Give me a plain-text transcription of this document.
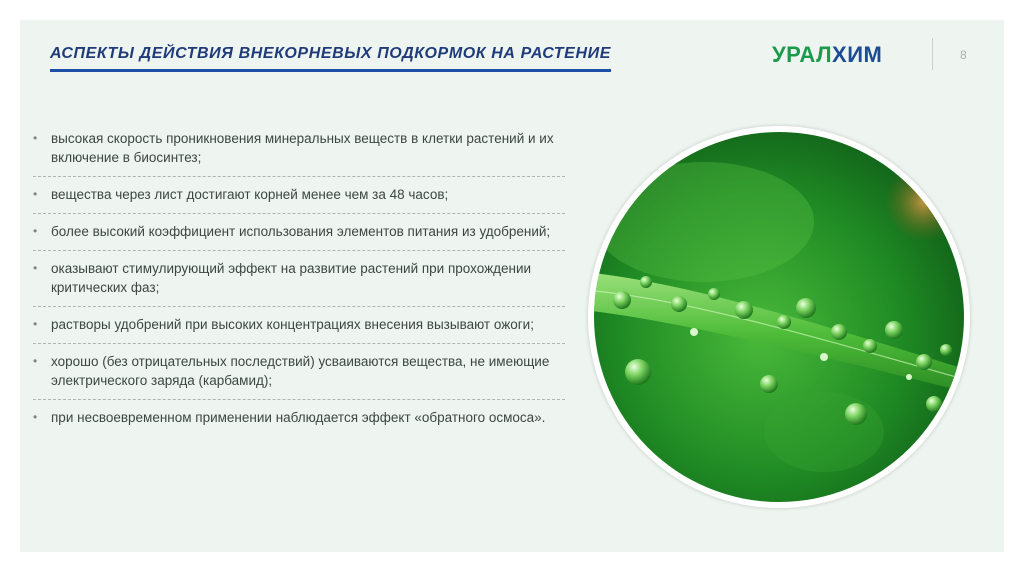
АСПЕКТЫ ДЕЙСТВИЯ ВНЕКОРНЕВЫХ ПОДКОРМОК НА РАСТЕНИЕ	УРАЛХИМ	8
• высокая скорость проникновения минеральных веществ в клетки растений и их включение в биосинтез;
• вещества через лист достигают корней менее чем за 48 часов;
• более высокий коэффициент использования элементов питания из удобрений;
• оказывают стимулирующий эффект на развитие растений при прохождении критических фаз;
• растворы удобрений при высоких концентрациях внесения вызывают ожоги;
• хорошо (без отрицательных последствий) усваиваются вещества, не имеющие электрического заряда (карбамид);
• при несвоевременном применении наблюдается эффект «обратного осмоса».
